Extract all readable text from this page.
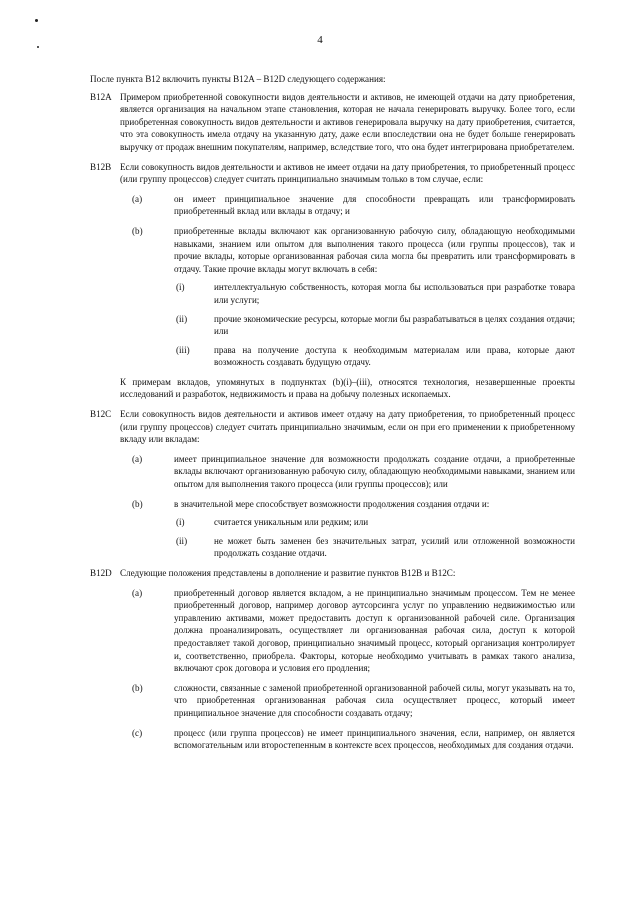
4

После пункта B12 включить пункты B12A – B12D следующего содержания:

B12A Примером приобретенной совокупности видов деятельности и активов, не имеющей отдачи на дату приобретения, является организация на начальном этапе становления, которая не начала генерировать выручку. Более того, если приобретенная совокупность видов деятельности и активов генерировала выручку на дату приобретения, считается, что эта совокупность имела отдачу на указанную дату, даже если впоследствии она не будет больше генерировать выручку от продаж внешним покупателям, например, вследствие того, что она будет интегрирована приобретателем.

B12B Если совокупность видов деятельности и активов не имеет отдачи на дату приобретения, то приобретенный процесс (или группу процессов) следует считать принципиально значимым только в том случае, если:

(a)	он имеет принципиальное значение для способности превращать или трансформировать приобретенный вклад или вклады в отдачу; и

(b)	приобретенные вклады включают как организованную рабочую силу, обладающую необходимыми навыками, знанием или опытом для выполнения такого процесса (или группы процессов), так и прочие вклады, которые организованная рабочая сила могла бы превратить или трансформировать в отдачу. Такие прочие вклады могут включать в себя:

(i)	интеллектуальную собственность, которая могла бы использоваться при разработке товара или услуги;

(ii)	прочие экономические ресурсы, которые могли бы разрабатываться в целях создания отдачи; или

(iii)	права на получение доступа к необходимым материалам или права, которые дают возможность создавать будущую отдачу.

К примерам вкладов, упомянутых в подпунктах (b)(i)–(iii), относятся технология, незавершенные проекты исследований и разработок, недвижимость и права на добычу полезных ископаемых.

B12C Если совокупность видов деятельности и активов имеет отдачу на дату приобретения, то приобретенный процесс (или группу процессов) следует считать принципиально значимым, если он при его применении к приобретенному вкладу или вкладам:

(a)	имеет принципиальное значение для возможности продолжать создание отдачи, а приобретенные вклады включают организованную рабочую силу, обладающую необходимыми навыками, знанием или опытом для выполнения такого процесса (или группы процессов); или

(b)	в значительной мере способствует возможности продолжения создания отдачи и:

(i)	считается уникальным или редким; или

(ii)	не может быть заменен без значительных затрат, усилий или отложенной возможности продолжать создание отдачи.

B12D Следующие положения представлены в дополнение и развитие пунктов B12B и B12C:

(a)	приобретенный договор является вкладом, а не принципиально значимым процессом. Тем не менее приобретенный договор, например договор аутсорсинга услуг по управлению недвижимостью или управлению активами, может предоставить доступ к организованной рабочей силе. Организация должна проанализировать, осуществляет ли организованная рабочая сила, доступ к которой предоставляет такой договор, принципиально значимый процесс, который организация контролирует и, соответственно, приобрела. Факторы, которые необходимо учитывать в рамках такого анализа, включают срок договора и условия его продления;

(b)	сложности, связанные с заменой приобретенной организованной рабочей силы, могут указывать на то, что приобретенная организованная рабочая сила осуществляет процесс, который имеет принципиальное значение для способности создавать отдачу;

(c)	процесс (или группа процессов) не имеет принципиального значения, если, например, он является вспомогательным или второстепенным в контексте всех процессов, необходимых для создания отдачи.
